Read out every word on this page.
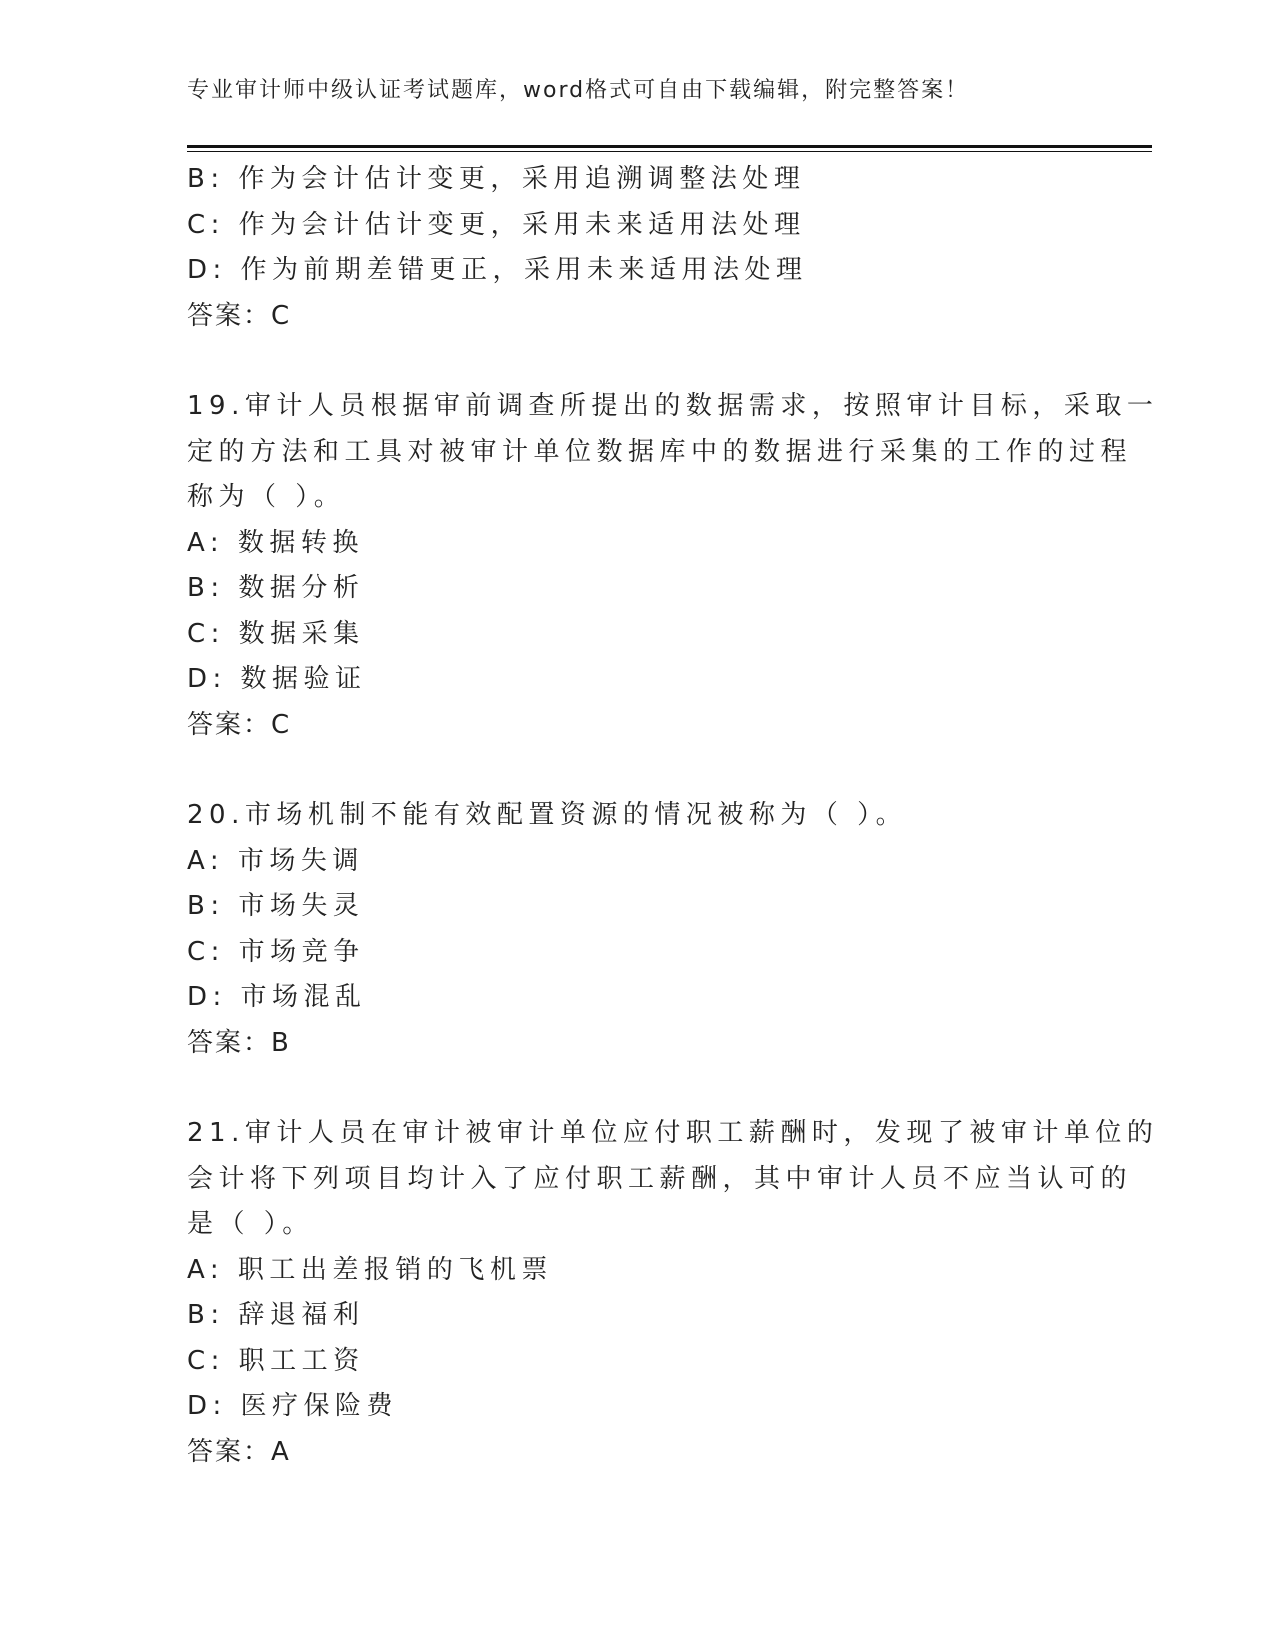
专业审计师中级认证考试题库，word格式可自由下载编辑，附完整答案！
B: 作为会计估计变更，采用追溯调整法处理
C: 作为会计估计变更，采用未来适用法处理
D: 作为前期差错更正，采用未来适用法处理
答案：C
19.审计人员根据审前调查所提出的数据需求，按照审计目标，采取一
定的方法和工具对被审计单位数据库中的数据进行采集的工作的过程
称为（ ）。
A: 数据转换
B: 数据分析
C: 数据采集
D: 数据验证
答案：C
20.市场机制不能有效配置资源的情况被称为（ ）。
A: 市场失调
B: 市场失灵
C: 市场竞争
D: 市场混乱
答案：B
21.审计人员在审计被审计单位应付职工薪酬时，发现了被审计单位的
会计将下列项目均计入了应付职工薪酬，其中审计人员不应当认可的
是（ ）。
A: 职工出差报销的飞机票
B: 辞退福利
C: 职工工资
D: 医疗保险费
答案：A
